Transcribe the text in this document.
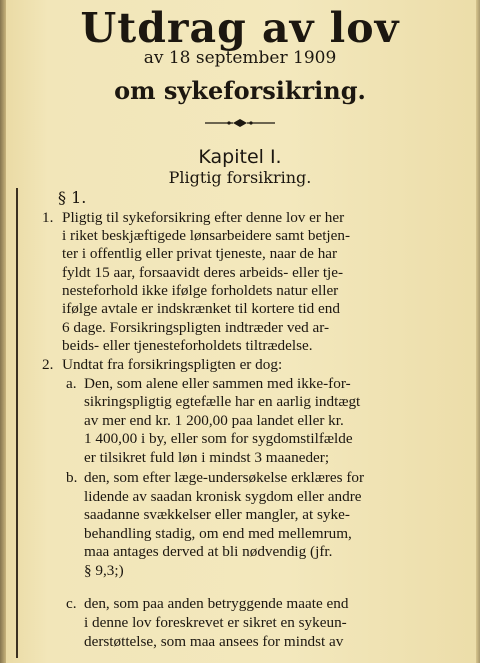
Utdrag av lov
av 18 september 1909
om sykeforsikring.
Kapitel I.
Pligtig forsikring.
§ 1.
1. Pligtig til sykeforsikring efter denne lov er her
i riket beskjæftigede lønsarbeidere samt betjen-
ter i offentlig eller privat tjeneste, naar de har
fyldt 15 aar, forsaavidt deres arbeids- eller tje-
nesteforhold ikke ifølge forholdets natur eller
ifølge avtale er indskrænket til kortere tid end
6 dage. Forsikringspligten indtræder ved ar-
beids- eller tjenesteforholdets tiltrædelse.
2. Undtat fra forsikringspligten er dog:
a. Den, som alene eller sammen med ikke-for-
sikringspligtig egtefælle har en aarlig indtægt
av mer end kr. 1 200,00 paa landet eller kr.
1 400,00 i by, eller som for sygdomstilfælde
er tilsikret fuld løn i mindst 3 maaneder;
b. den, som efter læge-undersøkelse erklæres for
lidende av saadan kronisk sygdom eller andre
saadanne svækkelser eller mangler, at syke-
behandling stadig, om end med mellemrum,
maa antages derved at bli nødvendig (jfr.
§ 9,3;)
c. den, som paa anden betryggende maate end
i denne lov foreskrevet er sikret en sykeun-
derstøttelse, som maa ansees for mindst av
